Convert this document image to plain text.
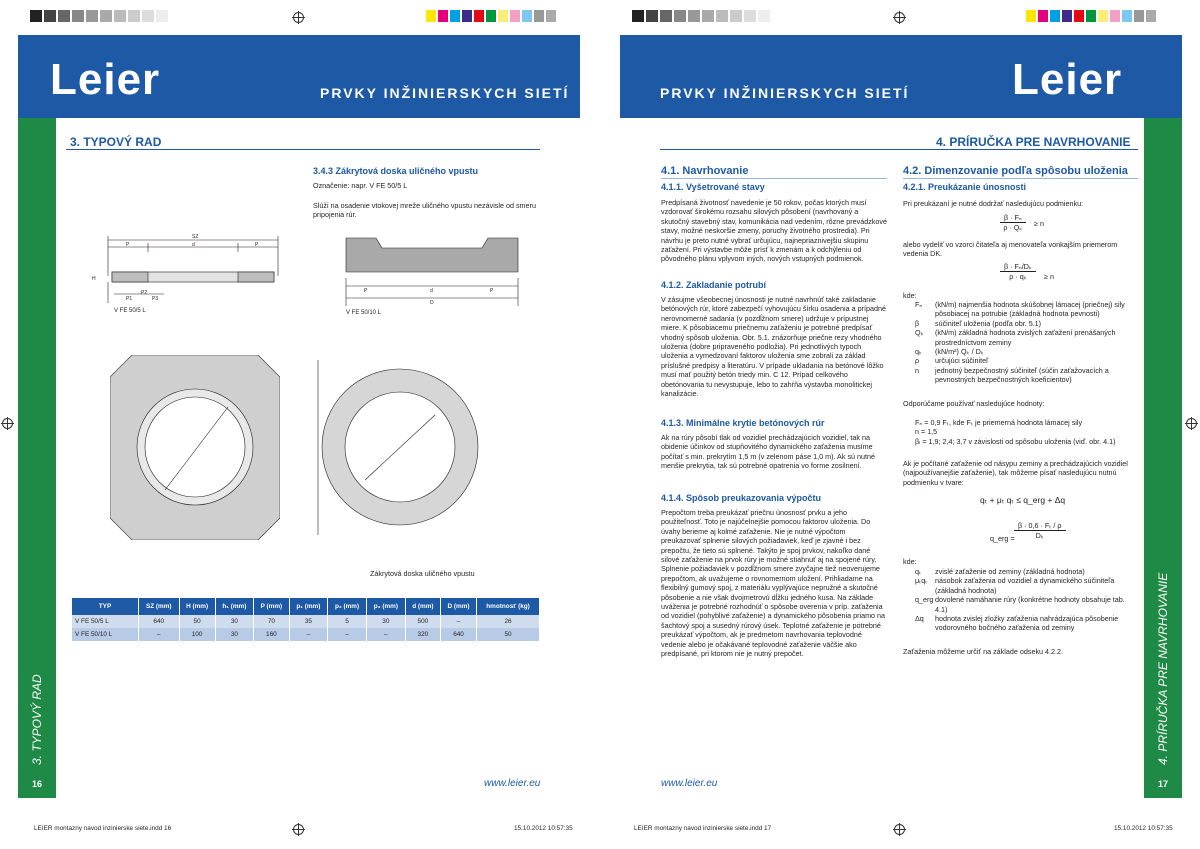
Leier	PRVKY INŽINIERSKYCH SIETÍ
3. TYPOVÝ RAD
3.4.3 Zákrytová doska uličného vpustu
Označenie: napr. V FE 50/5 L
Slúži na osadenie vtokovej mreže uličného vpustu nezávisle od smeru pripojenia rúr.
SZ
P	d	P
H
P1
P2
P3
V FE 50/5 L
P	d	P
D
V FE 50/10 L
Zákrytová doska uličného vpustu
TYP	SZ (mm)	H (mm)	h₁ (mm)	P (mm)	p₁ (mm)	p₂ (mm)	p₃ (mm)	d (mm)	D (mm)	hmotnosť (kg)
V FE 50/5 L	640	50	30	70	35	5	30	500	–	26
V FE 50/10 L	–	100	30	160	–	–	–	320	640	50
3. TYPOVÝ RAD
16	www.leier.eu
LEIER montazny navod inzinierske siete.indd 16	15.10.2012 10:57:35
PRVKY INŽINIERSKYCH SIETÍ Leier
4. PRÍRUČKA PRE NAVRHOVANIE
4.1. Navrhovanie
4.1.1. Vyšetrované stavy
Predpísaná životnosť navedenie je 50 rokov, počas ktorých musí vzdorovať širokému rozsahu silových pôsobení (navrhovaný a skutočný stavebný stav, komunikácia nad vedením, rôzne prevádzkové stavy, možné neskoršie zmeny, poruchy životného prostredia). Pri návrhu je preto nutné vybrať určujúcu, najnepriaznivejšiu skupinu zaťažení. Pri výstavbe môže prísť k zmenám a k odchýleniu od pôvodného plánu vplyvom iných, nových vstupných podmienok.
4.1.2. Zakladanie potrubí
V zásujme všeobecnej únosnosti je nutné navrhnúť také zakladanie betónových rúr, ktoré zabezpečí vyhovujúcu šírku osadenia a prípadné nerovnomerné sadania (v pozdĺžnom smere) udržuje v prípustnej miere. K pôsobiacemu priečnemu zaťaženiu je potrebné predpísať vhodný spôsob uloženia. Obr. 5.1. znázorňuje priečne rezy vhodného uloženia (dobre pripraveného podložia). Pri jednotlivých typoch uloženia a vymedzovaní faktorov uloženia sme zobrali za základ príslušné predpisy a literatúru. V prípade ukladania na betónové lôžko musí mať použitý betón triedy min. C 12. Prípad celkového obetónovania tu nevystupuje, lebo to zahŕňa výstavba monolitickej kanalizácie.
4.1.3. Minimálne krytie betónových rúr
Ak na rúry pôsobí tlak od vozidiel prechádzajúcich vozidiel, tak na obidenie účinkov od stupňovitého dynamického zaťaženia musíme počítať s min. prekrytím 1,5 m (v zelenom páse 1,0 m). Ak sú nutné menšie prekrytia, tak sú potrebné opatrenia vo forme zosilnení.
4.1.4. Spôsob preukazovania výpočtu
Prepočtom treba preukázať priečnu únosnosť prvku a jeho použiteľnosť. Toto je najúčelnejšie pomocou faktorov uloženia. Do úvahy berieme aj kolmé zaťaženie. Nie je nutné výpočtom preukazovať splnenie silových požiadaviek, keď je zjavné i bez prepočtu, že tieto sú splnené. Takýto je spoj prvkov, nakoľko dané silové zaťaženie na prvok rúry je možné stiahnuť aj na spojené rúry. Splnenie požiadaviek v pozdĺžnom smere zvyčajne tiež neoverujeme prepočtom, ak uvažujeme o rovnomernom uložení. Prihliadame na flexibilný gumový spoj, z materiálu vyplývajúce nepružné a skutočné pôsobenie a nie však dvojmetrovú dĺžku jedného kusa. Na základe uváženia je potrebné rozhodnúť o spôsobe overenia v príp. zaťaženia od vozidiel (pohyblivé zaťaženie) a dynamického pôsobenia priamo na šachtový spoj a susedný rúrový úsek. Teplotné zaťaženie je potrebné preukázať výpočtom, ak je predmetom navrhovania teplovodné vedenie alebo je očakávané teplovodné zaťaženie väčšie ako predpísané, pri ktorom nie je nutný prepočet.
4.2. Dimenzovanie podľa spôsobu uloženia
4.2.1. Preukázanie únosnosti
Pri preukázaní je nutné dodržať nasledujúcu podmienku:
$\frac{\text{β · Fₙ}}{\text{ρ · Qₖ}} \ge n$
alebo vydeliť vo vzorci čitateľa aj menovateľa vonkajším priemerom vedenia DK.
$\frac{\text{β · Fₙ/Dₖ}}{\text{ρ · qₖ}} \ge n$
kde:
Fₙ	(kN/m) najmenšia hodnota skúšobnej lámacej (priečnej) sily pôsobiacej na potrubie (základná hodnota pevnosti)
β	súčiniteľ uloženia (podľa obr. 5.1)
Qₖ	(kN/m) základná hodnota zvislých zaťažení prenášaných prostredníctvom zeminy
qₖ	(kN/m²) Qₖ / Dₖ
ρ	určujúci súčiniteľ
n	jednotný bezpečnostný súčiniteľ (súčin zaťažovacích a pevnostných bezpečnostných koeficientov)
Odporúčame používať nasledujúce hodnoty:
Fₙ = 0,9 Fₜ, kde Fₜ je priemerná hodnota lámacej sily
n = 1,5
βₗ = 1,9; 2,4; 3,7 v závislosti od spôsobu uloženia (viď. obr. 4.1)
Ak je počítané zaťaženie od násypu zeminy a prechádzajúcich vozidiel (najpoužívanejšie zaťaženie), tak môžeme písať nasledujúcu nutnú podmienku v tvare:
qₜ + μₜ qₜ ≤ q_erg + Δq
q_erg = $\frac{\text{β · 0,6 · Fₜ / ρ}}{\text{Dₖ}}$
kde:
qₜ	zvislé zaťaženie od zeminy (základná hodnota)
μₜqₜ	násobok zaťaženia od vozidiel a dynamického súčiniteľa (základná hodnota)
q_erg dovolené namáhanie rúry (konkrétne hodnoty obsahuje tab. 4.1)
Δq	hodnota zvislej zložky zaťaženia nahrádzajúca pôsobenie vodorovného bočného zaťaženia od zeminy
Zaťaženia môžeme určiť na základe odseku 4.2.2.	4. PRÍRUČKA PRE NAVRHOVANIE
17
www.leier.eu
LEIER montazny navod inzinierske siete.indd 17	15.10.2012 10:57:35
